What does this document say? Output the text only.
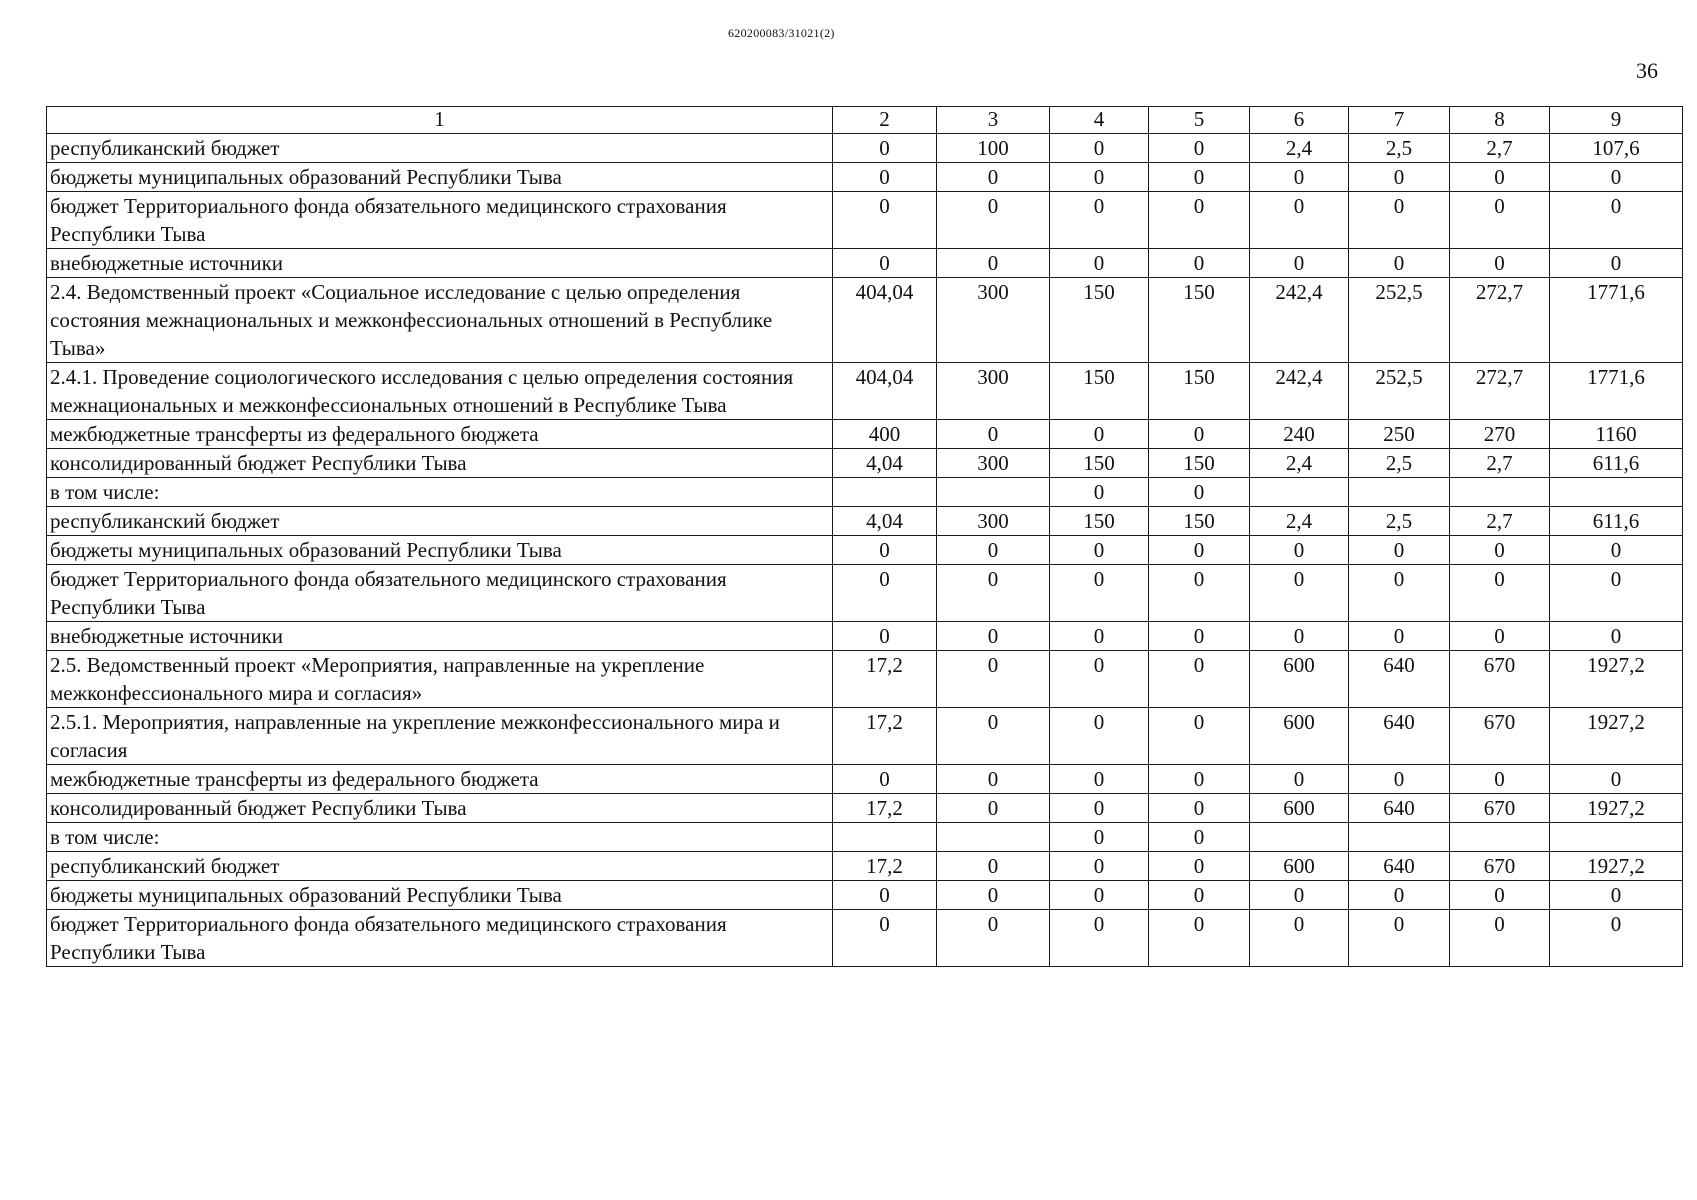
620200083/31021(2)
36
1	2	3	4	5	6	7	8	9
республиканский бюджет	0	100	0	0	2,4	2,5	2,7	107,6
бюджеты муниципальных образований Республики Тыва	0	0	0	0	0	0	0	0
бюджет Территориального фонда обязательного медицинского страхования Республики Тыва	0	0	0	0	0	0	0	0
внебюджетные источники	0	0	0	0	0	0	0	0
2.4. Ведомственный проект «Социальное исследование с целью определения состояния межнациональных и межконфессиональных отношений в Республике Тыва»	404,04	300	150	150	242,4	252,5	272,7	1771,6
2.4.1. Проведение социологического исследования с целью определения состояния межнациональных и межконфессиональных отношений в Республике Тыва	404,04	300	150	150	242,4	252,5	272,7	1771,6
межбюджетные трансферты из федерального бюджета	400	0	0	0	240	250	270	1160
консолидированный бюджет Республики Тыва	4,04	300	150	150	2,4	2,5	2,7	611,6
в том числе:			0	0				
республиканский бюджет	4,04	300	150	150	2,4	2,5	2,7	611,6
бюджеты муниципальных образований Республики Тыва	0	0	0	0	0	0	0	0
бюджет Территориального фонда обязательного медицинского страхования Республики Тыва	0	0	0	0	0	0	0	0
внебюджетные источники	0	0	0	0	0	0	0	0
2.5. Ведомственный проект «Мероприятия, направленные на укрепление межконфессионального мира и согласия»	17,2	0	0	0	600	640	670	1927,2
2.5.1. Мероприятия, направленные на укрепление межконфессионального мира и согласия	17,2	0	0	0	600	640	670	1927,2
межбюджетные трансферты из федерального бюджета	0	0	0	0	0	0	0	0
консолидированный бюджет Республики Тыва	17,2	0	0	0	600	640	670	1927,2
в том числе:			0	0				
республиканский бюджет	17,2	0	0	0	600	640	670	1927,2
бюджеты муниципальных образований Республики Тыва	0	0	0	0	0	0	0	0
бюджет Территориального фонда обязательного медицинского страхования Республики Тыва	0	0	0	0	0	0	0	0
